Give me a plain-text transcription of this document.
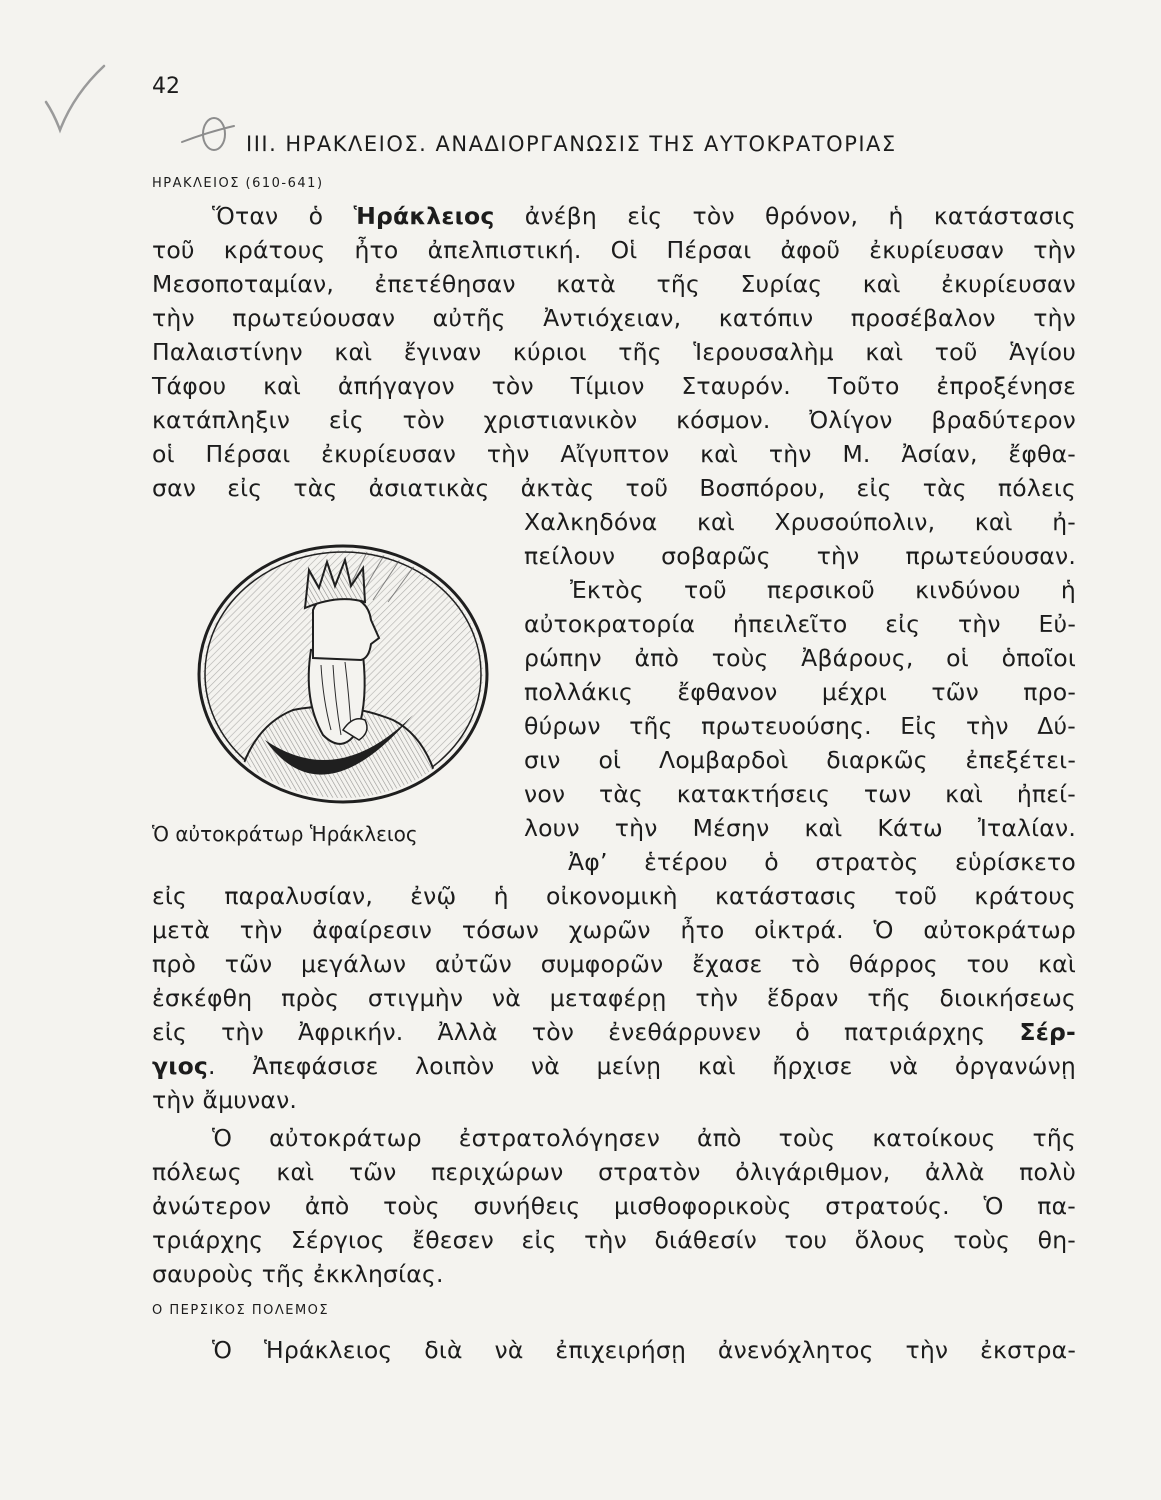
42
ΙΙΙ. ΗΡΑΚΛΕΙΟΣ. ΑΝΑΔΙΟΡΓΑΝΩΣΙΣ ΤΗΣ ΑΥΤΟΚΡΑΤΟΡΙΑΣ
ΗΡΑΚΛΕΙΟΣ (610-641)
Ὅταν ὁ Ἡράκλειος ἀνέβη εἰς τὸν θρόνον, ἡ κατάστασις
τοῦ κράτους ἦτο ἀπελπιστική. Οἱ Πέρσαι ἀφοῦ ἐκυρίευσαν τὴν
Μεσοποταμίαν, ἐπετέθησαν κατὰ τῆς Συρίας καὶ ἐκυρίευσαν
τὴν πρωτεύουσαν αὐτῆς Ἀντιόχειαν, κατόπιν προσέβαλον τὴν
Παλαιστίνην καὶ ἔγιναν κύριοι τῆς Ἱερουσαλὴμ καὶ τοῦ Ἁγίου
Τάφου καὶ ἀπήγαγον τὸν Τίμιον Σταυρόν. Τοῦτο ἐπροξένησε
κατάπληξιν εἰς τὸν χριστιανικὸν κόσμον. Ὀλίγον βραδύτερον
οἱ Πέρσαι ἐκυρίευσαν τὴν Αἴγυπτον καὶ τὴν Μ. Ἀσίαν, ἔφθα-
σαν εἰς τὰς ἀσιατικὰς ἀκτὰς τοῦ Βοσπόρου, εἰς τὰς πόλεις
Χαλκηδόνα καὶ Χρυσούπολιν, καὶ ἠ-
πείλουν σοβαρῶς τὴν πρωτεύουσαν.
Ἐκτὸς τοῦ περσικοῦ κινδύνου ἡ
αὐτοκρατορία ἠπειλεῖτο εἰς τὴν Εὐ-
ρώπην ἀπὸ τοὺς Ἀβάρους, οἱ ὁποῖοι
πολλάκις ἔφθανον μέχρι τῶν προ-
θύρων τῆς πρωτευούσης. Εἰς τὴν Δύ-
σιν οἱ Λομβαρδοὶ διαρκῶς ἐπεξέτει-
νον τὰς κατακτήσεις των καὶ ἠπεί-
λουν τὴν Μέσην καὶ Κάτω Ἰταλίαν.
Ὁ αὐτοκράτωρ Ἡράκλειος
Ἀφ’ ἑτέρου ὁ στρατὸς εὑρίσκετο
εἰς παραλυσίαν, ἐνῷ ἡ οἰκονομικὴ κατάστασις τοῦ κράτους
μετὰ τὴν ἀφαίρεσιν τόσων χωρῶν ἦτο οἰκτρά. Ὁ αὐτοκράτωρ
πρὸ τῶν μεγάλων αὐτῶν συμφορῶν ἔχασε τὸ θάρρος του καὶ
ἐσκέφθη πρὸς στιγμὴν νὰ μεταφέρῃ τὴν ἕδραν τῆς διοικήσεως
εἰς τὴν Ἀφρικήν. Ἀλλὰ τὸν ἐνεθάρρυνεν ὁ πατριάρχης Σέρ-
γιος. Ἀπεφάσισε λοιπὸν νὰ μείνῃ καὶ ἤρχισε νὰ ὀργανώνῃ
τὴν ἄμυναν.
Ὁ αὐτοκράτωρ ἐστρατολόγησεν ἀπὸ τοὺς κατοίκους τῆς
πόλεως καὶ τῶν περιχώρων στρατὸν ὀλιγάριθμον, ἀλλὰ πολὺ
ἀνώτερον ἀπὸ τοὺς συνήθεις μισθοφορικοὺς στρατούς. Ὁ πα-
τριάρχης Σέργιος ἔθεσεν εἰς τὴν διάθεσίν του ὅλους τοὺς θη-
σαυροὺς τῆς ἐκκλησίας.
Ο ΠΕΡΣΙΚΟΣ ΠΟΛΕΜΟΣ
Ὁ Ἡράκλειος διὰ νὰ ἐπιχειρήσῃ ἀνενόχλητος τὴν ἐκστρα-
